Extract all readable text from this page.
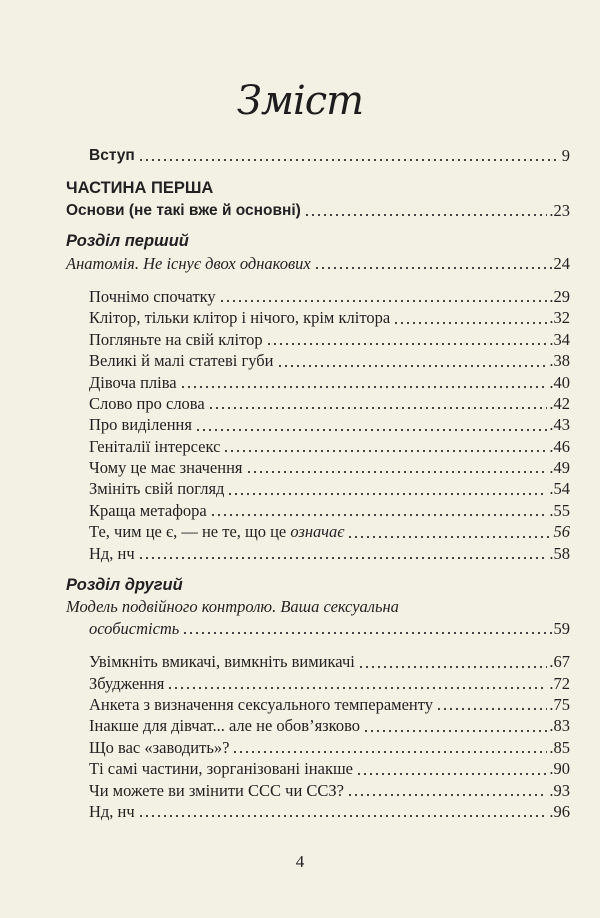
Зміст
Вступ	9
ЧАСТИНА ПЕРША
Основи (не такі вже й основні)	.23
Розділ перший
Анатомія. Не існує двох однакових	24
Почнімо спочатку	.29
Клітор, тільки клітор і нічого, крім клітора	.32
Погляньте на свій клітор	.34
Великі й малі статеві губи	.38
Дівоча пліва	.40
Слово про слова	.42
Про виділення	.43
Геніталії інтерсекс	.46
Чому це має значення	.49
Змініть свій погляд	.54
Краща метафора	.55
Те, чим це є, — не те, що це означає	56
Нд, нч	.58
Розділ другий
Модель подвійного контролю. Ваша сексуальна
особистість	59
Увімкніть вмикачі, вимкніть вимикачі	.67
Збудження	.72
Анкета з визначення сексуального темпераменту	.75
Інакше для дівчат... але не обов’язково	.83
Що вас «заводить»?	.85
Ті самі частини, зорганізовані інакше	.90
Чи можете ви змінити ССС чи ССЗ?	.93
Нд, нч	.96
4
